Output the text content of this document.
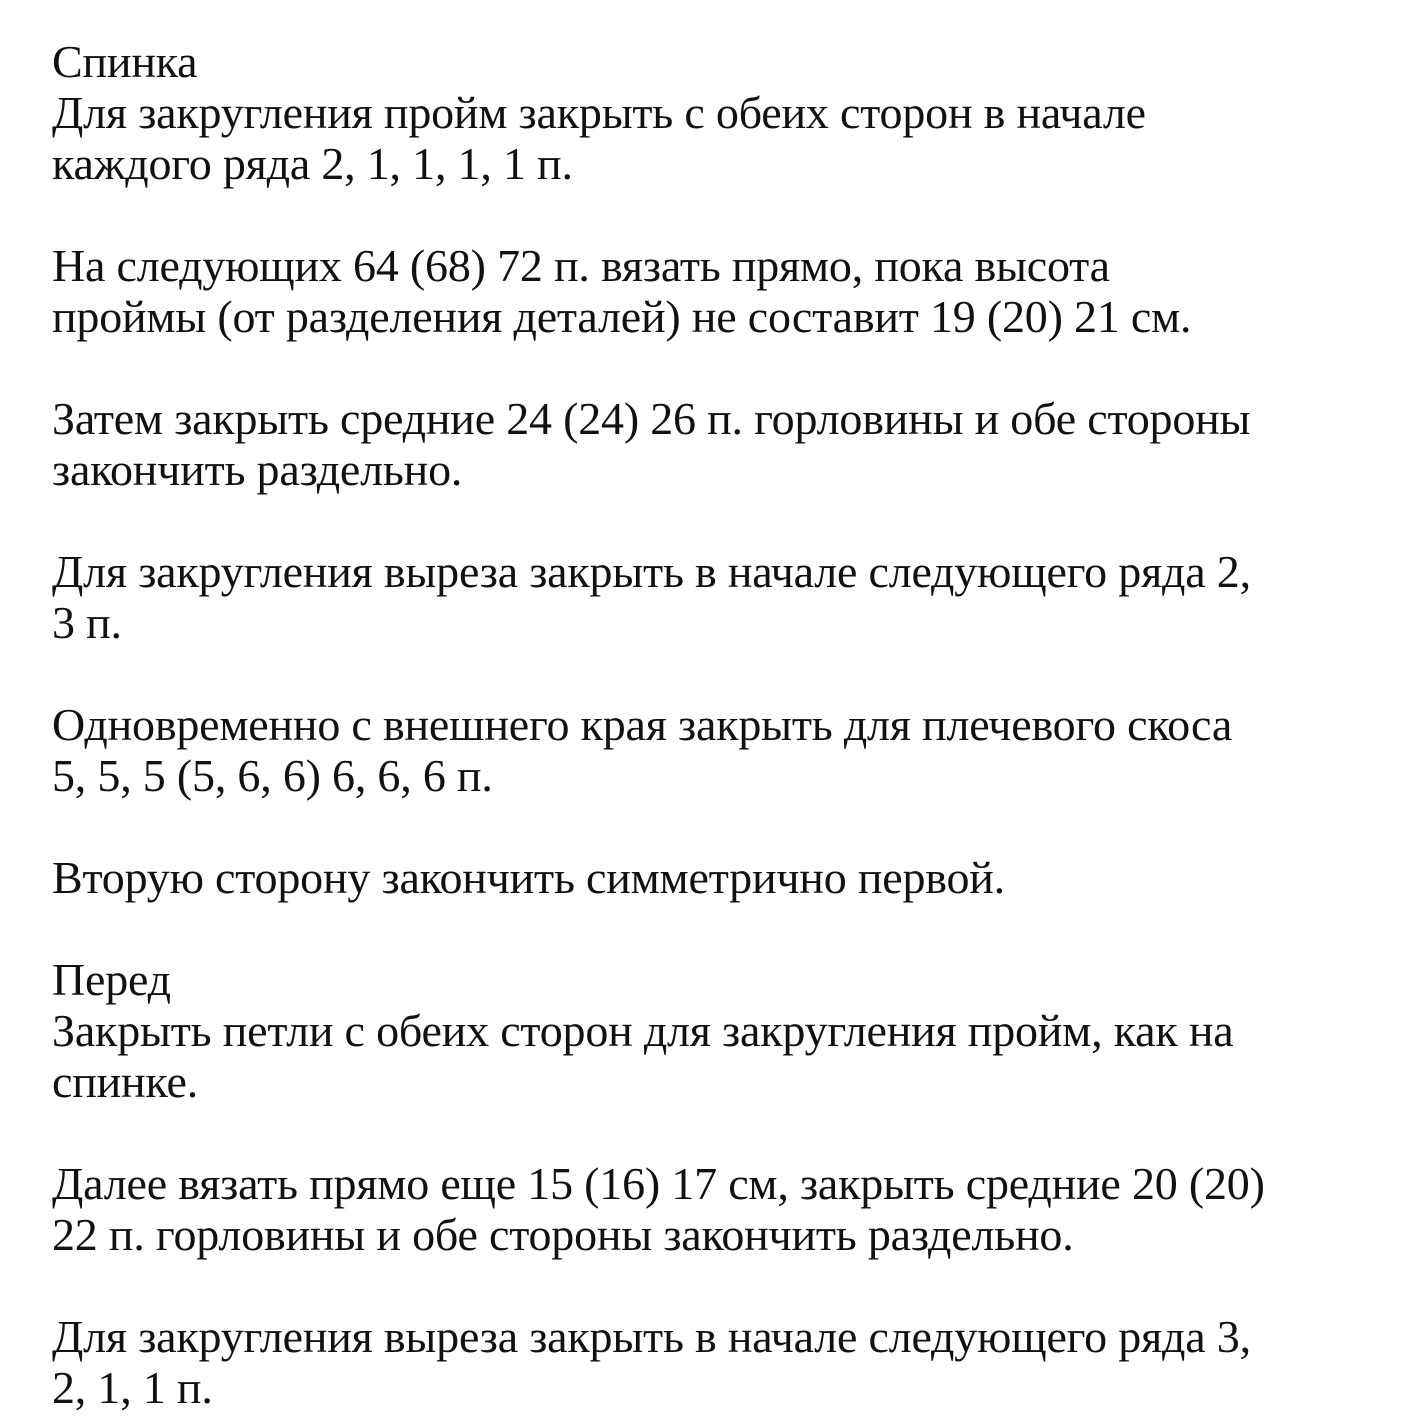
Спинка
Для закругления пройм закрыть с обеих сторон в начале
каждого ряда 2, 1, 1, 1, 1 п.
На следующих 64 (68) 72 п. вязать прямо, пока высота
проймы (от разделения деталей) не составит 19 (20) 21 см.
Затем закрыть средние 24 (24) 26 п. горловины и обе стороны
закончить раздельно.
Для закругления выреза закрыть в начале следующего ряда 2,
3 п.
Одновременно с внешнего края закрыть для плечевого скоса
5, 5, 5 (5, 6, 6) 6, 6, 6 п.
Вторую сторону закончить симметрично первой.
Перед
Закрыть петли с обеих сторон для закругления пройм, как на
спинке.
Далее вязать прямо еще 15 (16) 17 см, закрыть средние 20 (20)
22 п. горловины и обе стороны закончить раздельно.
Для закругления выреза закрыть в начале следующего ряда 3,
2, 1, 1 п.
